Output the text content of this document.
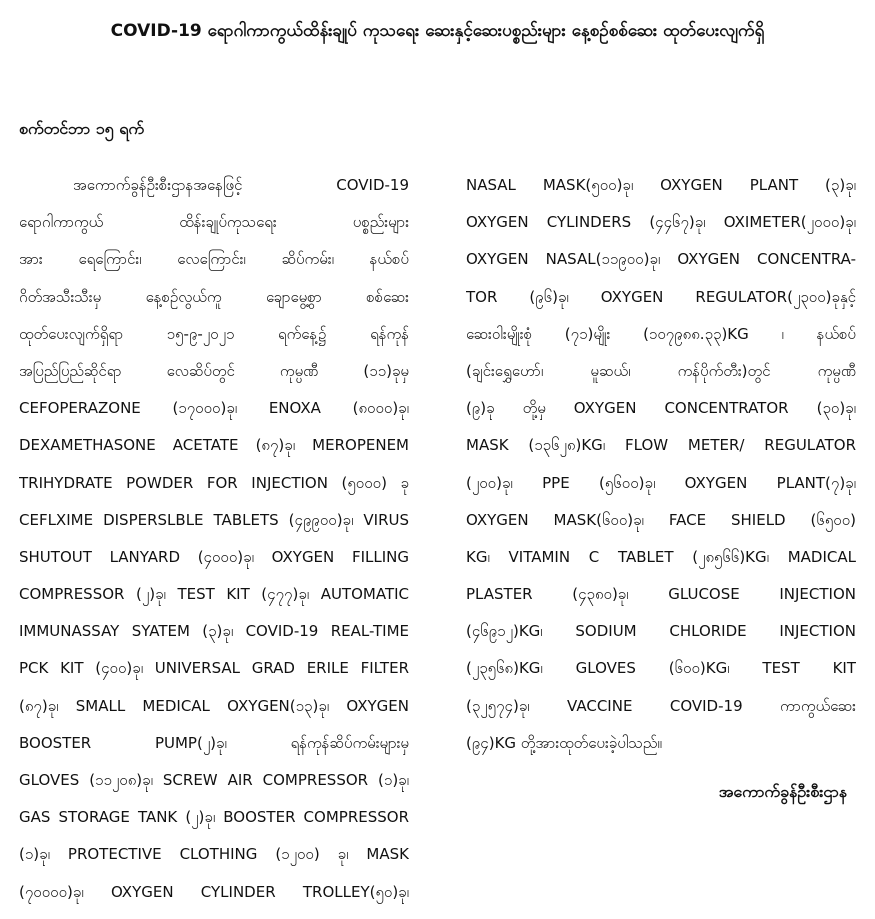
COVID-19 ရောဂါကာကွယ်ထိန်းချုပ် ကုသရေး ဆေးနှင့်ဆေးပစ္စည်းများ နေ့စဉ်စစ်ဆေး ထုတ်ပေးလျက်ရှိ
စက်တင်ဘာ ၁၅ ရက်
အကောက်ခွန်ဦးစီးဌာနအနေဖြင့် COVID-19
ရောဂါကာကွယ် ထိန်းချုပ်ကုသရေး ပစ္စည်းများ
အား ရေကြောင်း၊ လေကြောင်း၊ ဆိပ်ကမ်း၊ နယ်စပ်
ဂိတ်အသီးသီးမှ နေ့စဉ်လွယ်ကူ ချောမွေ့စွာ စစ်ဆေး
ထုတ်ပေးလျက်ရှိရာ ၁၅-၉-၂၀၂၁ ရက်နေ့၌ ရန်ကုန်
အပြည်ပြည်ဆိုင်ရာ လေဆိပ်တွင် ကုမ္ပဏီ (၁၁)ခုမှ
CEFOPERAZONE (၁၇၀၀၀)ခု၊ ENOXA (၈၀၀၀)ခု၊
DEXAMETHASONE ACETATE (၈၇)ခု၊ MEROPENEM
TRIHYDRATE POWDER FOR INJECTION (၅၀၀၀) ခု
CEFLXIME DISPERSLBLE TABLETS (၄၉၉၀၀)ခု၊ VIRUS
SHUTOUT LANYARD (၄၀၀၀)ခု၊ OXYGEN FILLING
COMPRESSOR (၂)ခု၊ TEST KIT (၄၇၇)ခု၊ AUTOMATIC
IMMUNASSAY SYATEM (၃)ခု၊ COVID-19 REAL-TIME
PCK KIT (၄၀၀)ခု၊ UNIVERSAL GRAD ERILE FILTER
(၈၇)ခု၊ SMALL MEDICAL OXYGEN(၁၃)ခု၊ OXYGEN
BOOSTER PUMP(၂)ခု၊ ရန်ကုန်ဆိပ်ကမ်းများမှ
GLOVES (၁၁၂၀၈)ခု၊ SCREW AIR COMPRESSOR (၁)ခု၊
GAS STORAGE TANK (၂)ခု၊ BOOSTER COMPRESSOR
(၁)ခု၊ PROTECTIVE CLOTHING (၁၂၀၀) ခု၊ MASK
(၇၀၀၀၀)ခု၊ OXYGEN CYLINDER TROLLEY(၅၀)ခု၊
NASAL MASK(၅၀၀)ခု၊ OXYGEN PLANT (၃)ခု၊
OXYGEN CYLINDERS (၄၄၆၇)ခု၊ OXIMETER(၂၀၀၀)ခု၊
OXYGEN NASAL(၁၁၉၀၀)ခု၊ OXYGEN CONCENTRA-
TOR (၉၆)ခု၊ OXYGEN REGULATOR(၂၃၀၀)ခုနှင့်
ဆေးဝါးမျိုးစုံ (၇၁)မျိုး (၁၀၇၉၈၈.၃၃)KG ၊ နယ်စပ်
(ချင်းရွှေဟော်၊ မူဆယ်၊ ကန်ပိုက်တီး)တွင် ကုမ္ပဏီ
(၉)ခု တို့မှ OXYGEN CONCENTRATOR (၃၀)ခု၊
MASK (၁၃၆၂၈)KG၊ FLOW METER/ REGULATOR
(၂၀၀)ခု၊ PPE (၅၆၀၀)ခု၊ OXYGEN PLANT(၇)ခု၊
OXYGEN MASK(၆၀၀)ခု၊ FACE SHIELD (၆၅၀၀)
KG၊ VITAMIN C TABLET (၂၈၅၆၆)KG၊ MADICAL
PLASTER (၄၃၈၀)ခု၊ GLUCOSE INJECTION
(၄၆၉၁၂)KG၊ SODIUM CHLORIDE INJECTION
(၂၃၅၆၈)KG၊ GLOVES (၆၀၀)KG၊ TEST KIT
(၃၂၅၇၄)ခု၊ VACCINE COVID-19 ကာကွယ်ဆေး
(၉၄)KG တို့အားထုတ်ပေးခဲ့ပါသည်။
အကောက်ခွန်ဦးစီးဌာန
